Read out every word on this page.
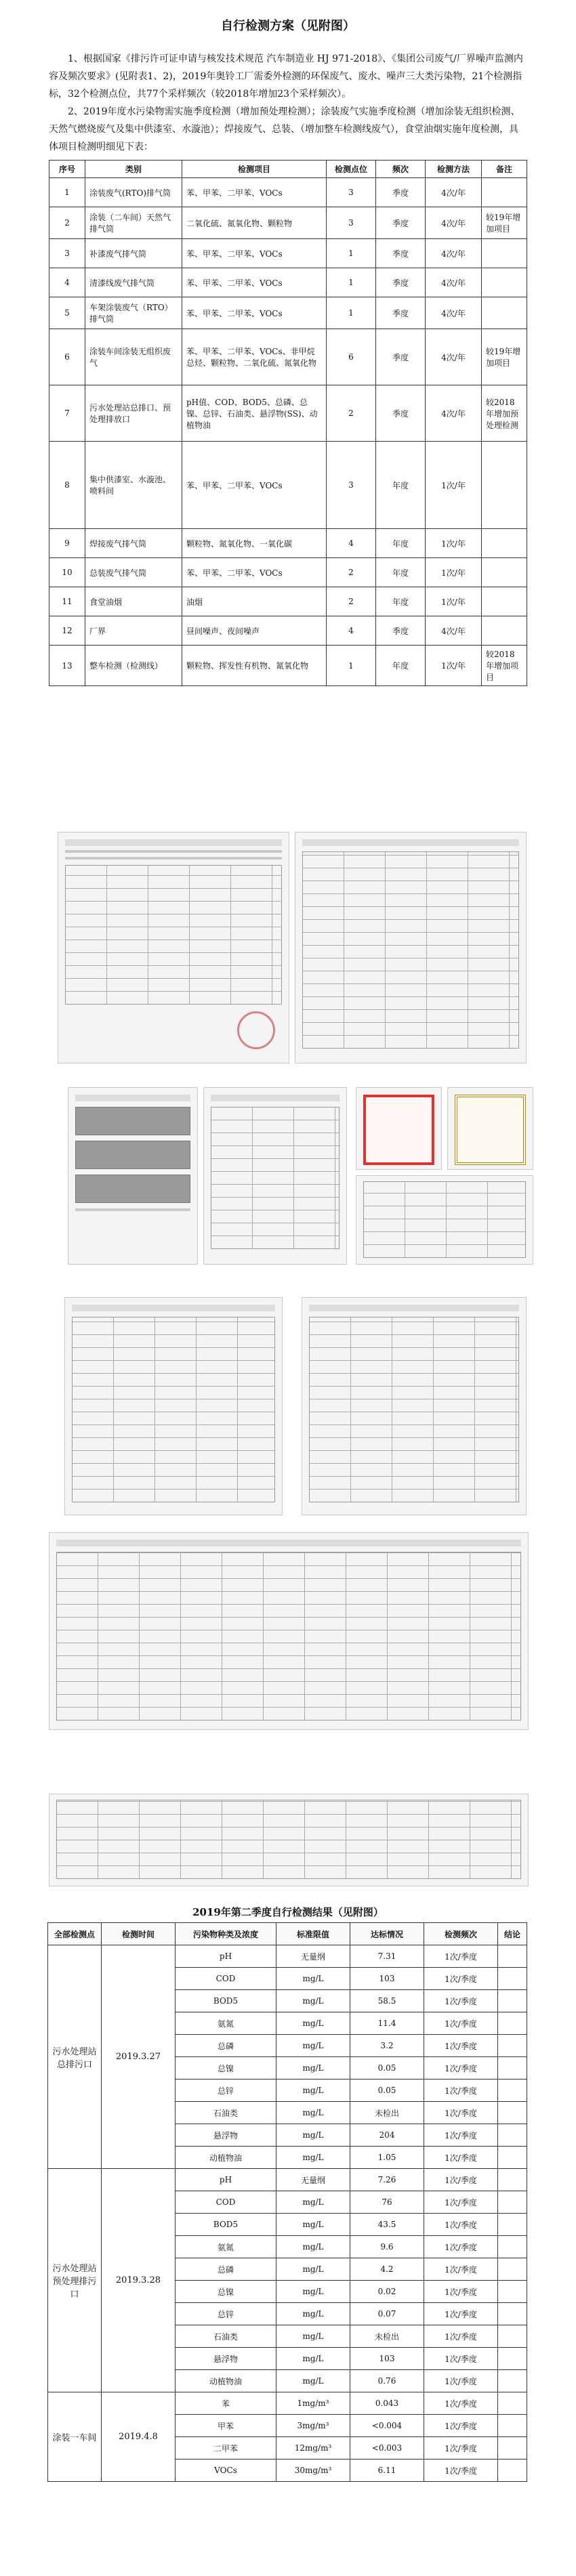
自行检测方案（见附图）

1、根据国家《排污许可证申请与核发技术规范 汽车制造业 HJ 971-2018》、《集团公司废气/厂界噪声监测内容及频次要求》(见附表1、2)，2019年奥铃工厂需委外检测的环保废气、废水、噪声三大类污染物，21个检测指标，32个检测点位，共77个采样频次（较2018年增加23个采样频次）。

2、2019年度水污染物需实施季度检测（增加预处理检测）；涂装废气实施季度检测（增加涂装无组织检测、天然气燃烧废气及集中供漆室、水漩池）；焊接废气、总装、（增加整车检测线废气），食堂油烟实施年度检测，具体项目检测明细见下表：

序号	类别	检测项目	检测点位	频次	检测方法	备注
1	涂装废气(RTO)排气筒	苯、甲苯、二甲苯、VOCs	3	季度	4次/年	
2	涂装（二车间）天然气排气筒	二氧化硫、氮氧化物、颗粒物	3	季度	4次/年	较19年增加项目
3	补漆废气排气筒	苯、甲苯、二甲苯、VOCs	1	季度	4次/年	
4	清漆线废气排气筒	苯、甲苯、二甲苯、VOCs	1	季度	4次/年	
5	车架涂装废气（RTO）排气筒	苯、甲苯、二甲苯、VOCs	1	季度	4次/年	
6	涂装车间涂装无组织废气	苯、甲苯、二甲苯、VOCs、非甲烷总烃、颗粒物、二氧化硫、氮氧化物	6	季度	4次/年	较19年增加项目
7	污水处理站总排口、预处理排放口	pH值、COD、BOD5、总磷、总镍、总锌、石油类、悬浮物(SS)、动植物油	2	季度	4次/年	较2018年增加预处理检测
8	集中供漆室、水漩池、喷料间	苯、甲苯、二甲苯、VOCs	3	年度	1次/年	
9	焊接废气排气筒	颗粒物、氮氧化物、一氧化碳	4	年度	1次/年	
10	总装废气排气筒	苯、甲苯、二甲苯、VOCs	2	年度	1次/年	
11	食堂油烟	油烟	2	年度	1次/年	
12	厂界	昼间噪声、夜间噪声	4	季度	4次/年	
13	整车检测（检测线）	颗粒物、挥发性有机物、氮氧化物	1	年度	1次/年	较2018年增加项目
2019年第二季度自行检测结果（见附图）
全部检测点	检测时间	污染物种类及浓度	标准限值	达标情况	检测频次	结论
污水处理站总排污口	2019.3.27	pH	无量纲	7.31	1次/季度	
		COD	mg/L	103	1次/季度	
		BOD5	mg/L	58.5	1次/季度	
		氨氮	mg/L	11.4	1次/季度	
		总磷	mg/L	3.2	1次/季度	
		总镍	mg/L	0.05	1次/季度	
		总锌	mg/L	0.05	1次/季度	
		石油类	mg/L	未检出	1次/季度	
		悬浮物	mg/L	204	1次/季度	
		动植物油	mg/L	1.05	1次/季度	
污水处理站预处理排污口	2019.3.28	pH	无量纲	7.26	1次/季度	
		COD	mg/L	76	1次/季度	
		BOD5	mg/L	43.5	1次/季度	
		氨氮	mg/L	9.6	1次/季度	
		总磷	mg/L	4.2	1次/季度	
		总镍	mg/L	0.02	1次/季度	
		总锌	mg/L	0.07	1次/季度	
		石油类	mg/L	未检出	1次/季度	
		悬浮物	mg/L	103	1次/季度	
		动植物油	mg/L	0.76	1次/季度	
涂装一车间	2019.4.8	苯	1mg/m³	0.043	1次/季度	
		甲苯	3mg/m³	<0.004	1次/季度	
		二甲苯	12mg/m³	<0.003	1次/季度	
		VOCs	30mg/m³	6.11	1次/季度	
